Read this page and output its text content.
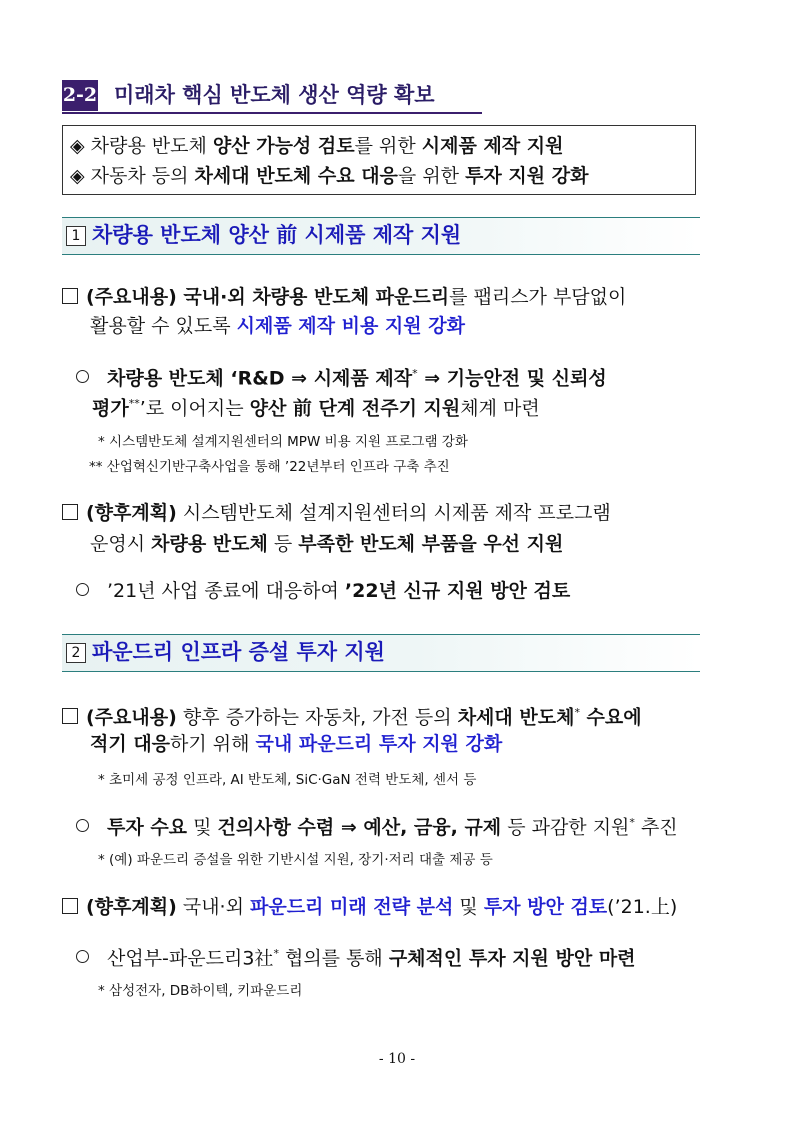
2-2 미래차 핵심 반도체 생산 역량 확보
◈ 차량용 반도체 양산 가능성 검토를 위한 시제품 제작 지원
◈ 자동차 등의 차세대 반도체 수요 대응을 위한 투자 지원 강화
1 차량용 반도체 양산 前 시제품 제작 지원
(주요내용) 국내·외 차량용 반도체 파운드리를 팹리스가 부담없이
활용할 수 있도록 시제품 제작 비용 지원 강화
차량용 반도체 ‘R&D ⇒ 시제품 제작* ⇒ 기능안전 및 신뢰성
평가**’로 이어지는 양산 前 단계 전주기 지원체계 마련
* 시스템반도체 설계지원센터의 MPW 비용 지원 프로그램 강화
** 산업혁신기반구축사업을 통해 ’22년부터 인프라 구축 추진
(향후계획) 시스템반도체 설계지원센터의 시제품 제작 프로그램
운영시 차량용 반도체 등 부족한 반도체 부품을 우선 지원
’21년 사업 종료에 대응하여 ’22년 신규 지원 방안 검토
2 파운드리 인프라 증설 투자 지원
(주요내용) 향후 증가하는 자동차, 가전 등의 차세대 반도체* 수요에
적기 대응하기 위해 국내 파운드리 투자 지원 강화
* 초미세 공정 인프라, AI 반도체, SiC·GaN 전력 반도체, 센서 등
투자 수요 및 건의사항 수렴 ⇒ 예산, 금융, 규제 등 과감한 지원* 추진
* (예) 파운드리 증설을 위한 기반시설 지원, 장기·저리 대출 제공 등
(향후계획) 국내·외 파운드리 미래 전략 분석 및 투자 방안 검토(’21.上)
산업부-파운드리3社* 협의를 통해 구체적인 투자 지원 방안 마련
* 삼성전자, DB하이텍, 키파운드리
- 10 -
